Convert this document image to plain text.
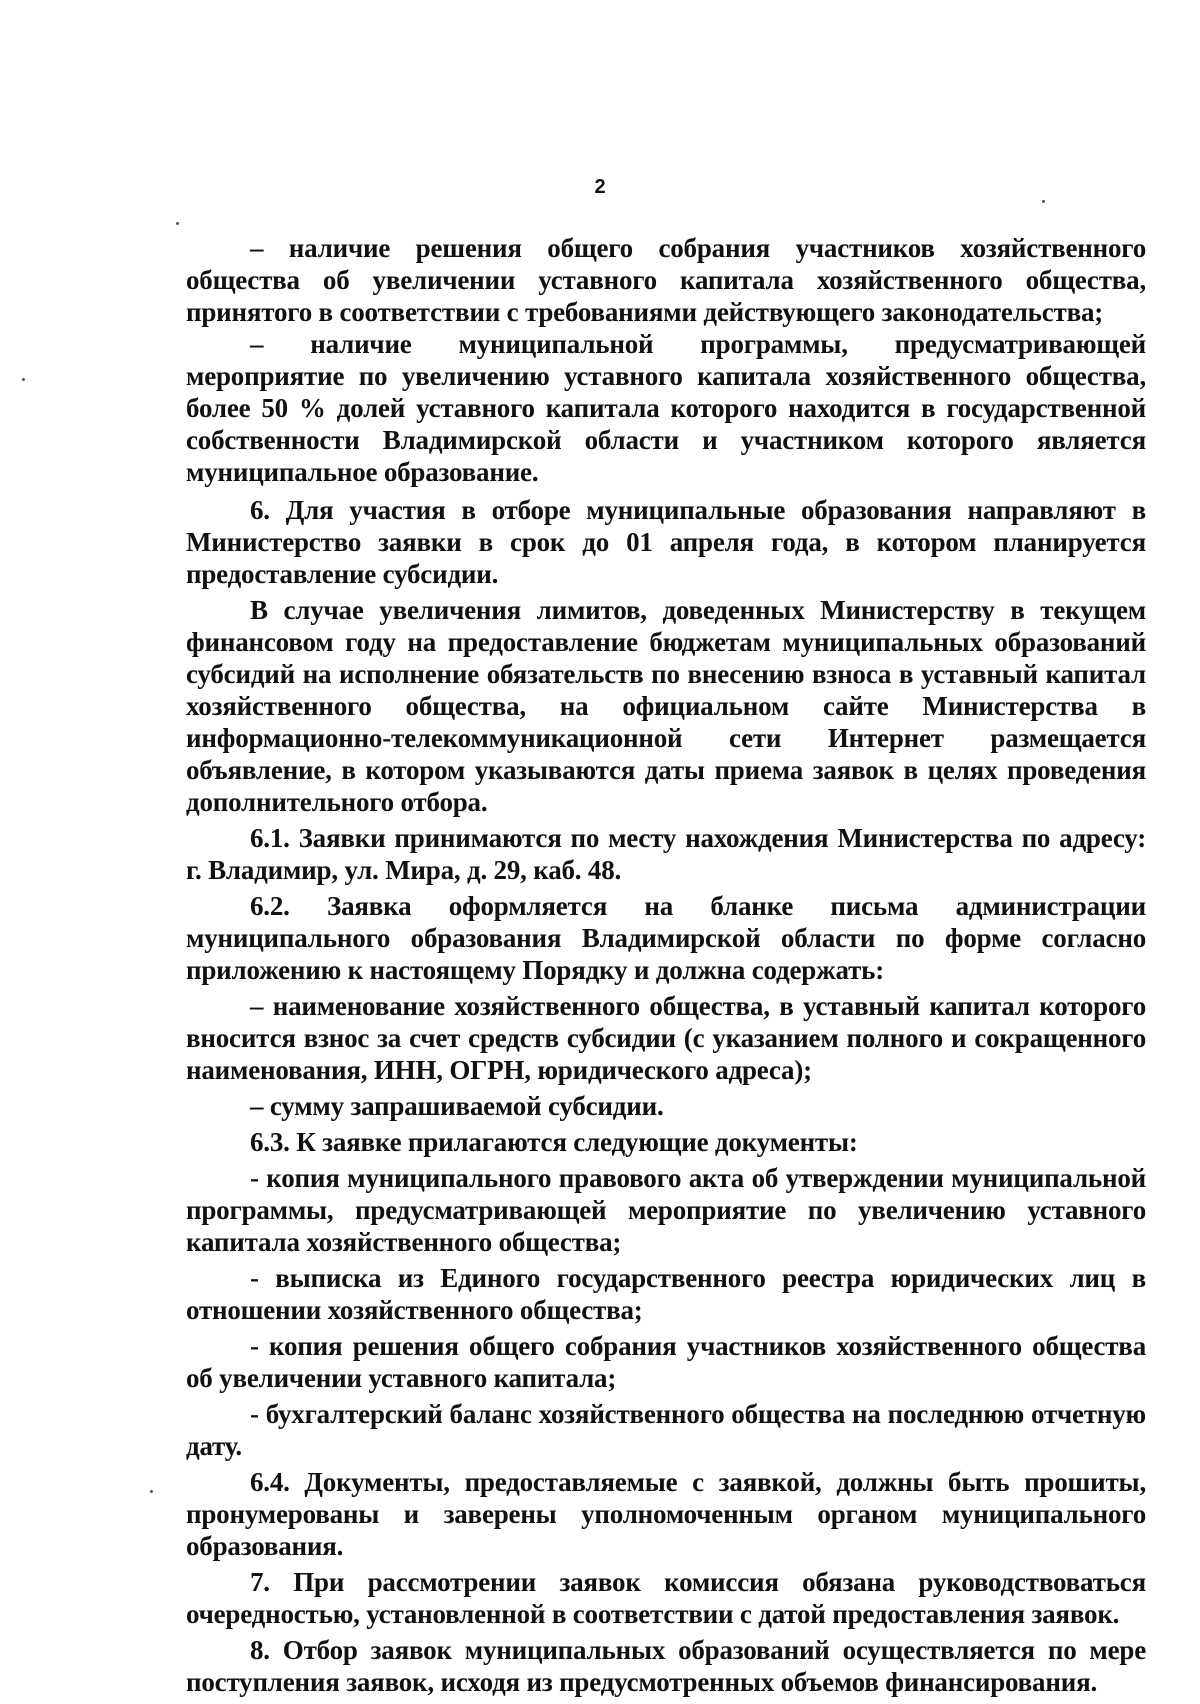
2

– наличие решения общего собрания участников хозяйственного общества об увеличении уставного капитала хозяйственного общества, принятого в соответствии с требованиями действующего законодательства;

– наличие муниципальной программы, предусматривающей мероприятие по увеличению уставного капитала хозяйственного общества, более 50 % долей уставного капитала которого находится в государственной собственности Владимирской области и участником которого является муниципальное образование.

6. Для участия в отборе муниципальные образования направляют в Министерство заявки в срок до 01 апреля года, в котором планируется предоставление субсидии.

В случае увеличения лимитов, доведенных Министерству в текущем финансовом году на предоставление бюджетам муниципальных образований субсидий на исполнение обязательств по внесению взноса в уставный капитал хозяйственного общества, на официальном сайте Министерства в информационно-телекоммуникационной сети Интернет размещается объявление, в котором указываются даты приема заявок в целях проведения дополнительного отбора.

6.1. Заявки принимаются по месту нахождения Министерства по адресу: г. Владимир, ул. Мира, д. 29, каб. 48.

6.2. Заявка оформляется на бланке письма администрации муниципального образования Владимирской области по форме согласно приложению к настоящему Порядку и должна содержать:

– наименование хозяйственного общества, в уставный капитал которого вносится взнос за счет средств субсидии (с указанием полного и сокращенного наименования, ИНН, ОГРН, юридического адреса);

– сумму запрашиваемой субсидии.

6.3. К заявке прилагаются следующие документы:

- копия муниципального правового акта об утверждении муниципальной программы, предусматривающей мероприятие по увеличению уставного капитала хозяйственного общества;

- выписка из Единого государственного реестра юридических лиц в отношении хозяйственного общества;

- копия решения общего собрания участников хозяйственного общества об увеличении уставного капитала;

- бухгалтерский баланс хозяйственного общества на последнюю отчетную дату.

6.4. Документы, предоставляемые с заявкой, должны быть прошиты, пронумерованы и заверены уполномоченным органом муниципального образования.

7. При рассмотрении заявок комиссия обязана руководствоваться очередностью, установленной в соответствии с датой предоставления заявок.

8. Отбор заявок муниципальных образований осуществляется по мере поступления заявок, исходя из предусмотренных объемов финансирования.
